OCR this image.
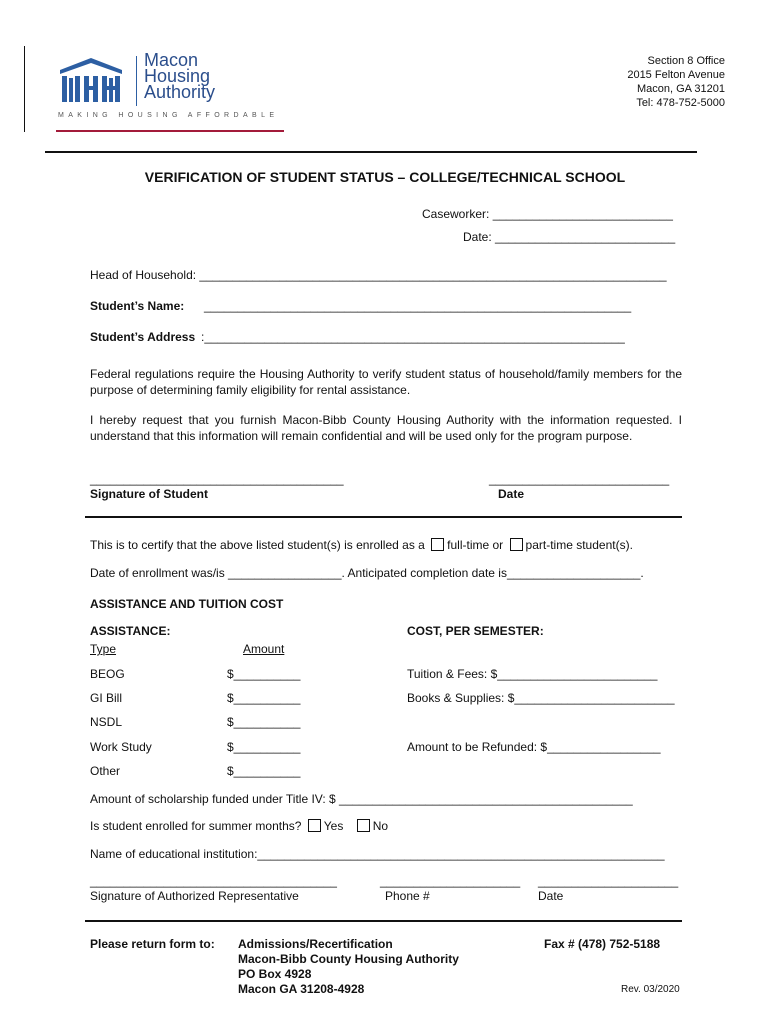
Macon
Housing
Authority
MAKING HOUSING AFFORDABLE
Section 8 Office
2015 Felton Avenue
Macon, GA 31201
Tel: 478-752-5000
VERIFICATION OF STUDENT STATUS – COLLEGE/TECHNICAL SCHOOL
Caseworker: ___________________________
Date: ___________________________
Head of Household: ______________________________________________________________________
Student’s Name: ________________________________________________________________
Student’s Address :_______________________________________________________________
Federal regulations require the Housing Authority to verify student status of household/family members for the purpose of determining family eligibility for rental assistance.
I hereby request that you furnish Macon-Bibb County Housing Authority with the information requested. I understand that this information will remain confidential and will be used only for the program purpose.
______________________________________	___________________________
Signature of Student	Date
This is to certify that the above listed student(s) is enrolled as a full-time or part-time student(s).
Date of enrollment was/is _________________. Anticipated completion date is____________________.
ASSISTANCE AND TUITION COST
ASSISTANCE:	COST, PER SEMESTER:
Type	Amount
BEOG	$__________
GI Bill	$__________
NSDL	$__________
Work Study	$__________
Other	$__________
Tuition & Fees: $________________________
Books & Supplies: $________________________
Amount to be Refunded: $_________________
Amount of scholarship funded under Title IV: $ ____________________________________________
Is student enrolled for summer months? Yes No
Name of educational institution:_____________________________________________________________
_____________________________________	_____________________ _____________________
Signature of Authorized Representative	Phone #	Date
Please return form to: Admissions/Recertification
Macon-Bibb County Housing Authority
PO Box 4928
Macon GA 31208-4928
Fax # (478) 752-5188
Rev. 03/2020
